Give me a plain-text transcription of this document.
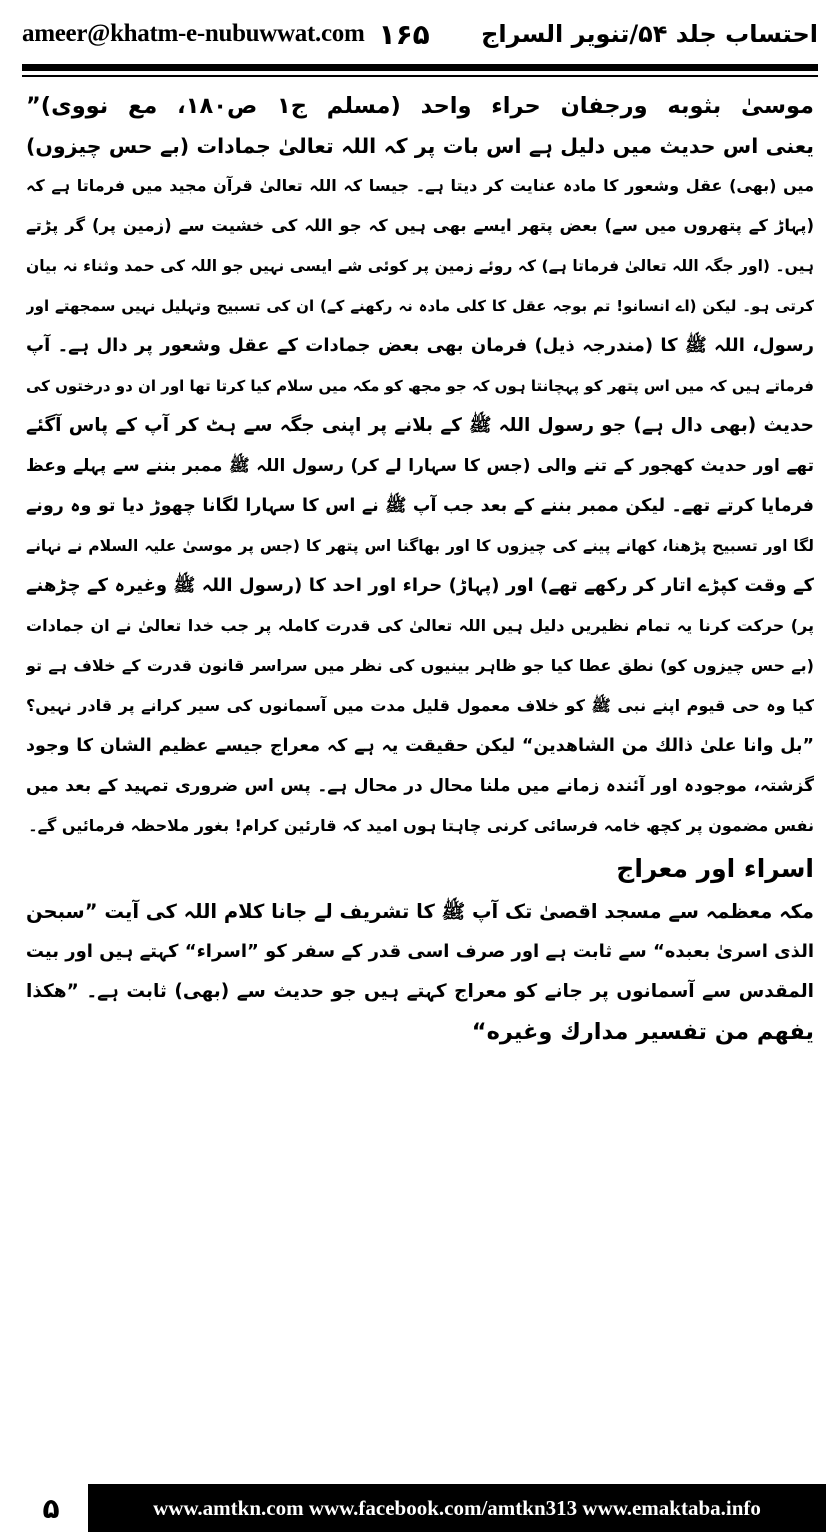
ameer@khatm-e-nubuwwat.com ۱۶۵ احتساب جلد ۵۴/تنویر السراج
موسیٰ بثوبه ورجفان حراء واحد (مسلم ج۱ ص۱۸۰، مع نووی)”
یعنی اس حدیث میں دلیل ہے اس بات پر کہ اللہ تعالیٰ جمادات (بے حس چیزوں)
میں (بھی) عقل وشعور کا مادہ عنایت کر دیتا ہے۔ جیسا کہ اللہ تعالیٰ قرآن مجید میں فرماتا ہے کہ
(پہاڑ کے پتھروں میں سے) بعض پتھر ایسے بھی ہیں کہ جو اللہ کی خشیت سے (زمین پر) گر پڑتے
ہیں۔ (اور جگہ اللہ تعالیٰ فرماتا ہے) کہ روئے زمین پر کوئی شے ایسی نہیں جو اللہ کی حمد وثناء نہ بیان
کرتی ہو۔ لیکن (اے انسانو! تم بوجہ عقل کا کلی مادہ نہ رکھنے کے) ان کی تسبیح وتہلیل نہیں سمجھتے اور
رسول، اللہ ﷺ کا (مندرجہ ذیل) فرمان بھی بعض جمادات کے عقل وشعور پر دال ہے۔ آپ
فرماتے ہیں کہ میں اس پتھر کو پہچانتا ہوں کہ جو مجھ کو مکہ میں سلام کیا کرتا تھا اور ان دو درختوں کی
حدیث (بھی دال ہے) جو رسول اللہ ﷺ کے بلانے پر اپنی جگہ سے ہٹ کر آپ کے پاس آگئے
تھے اور حدیث کھجور کے تنے والی (جس کا سہارا لے کر) رسول اللہ ﷺ ممبر بننے سے پہلے وعظ
فرمایا کرتے تھے۔ لیکن ممبر بننے کے بعد جب آپ ﷺ نے اس کا سہارا لگانا چھوڑ دیا تو وہ رونے
لگا اور تسبیح پڑھنا، کھانے پینے کی چیزوں کا اور بھاگنا اس پتھر کا (جس پر موسیٰ علیہ السلام نے نہانے
کے وقت کپڑے اتار کر رکھے تھے) اور (پہاڑ) حراء اور احد کا (رسول اللہ ﷺ وغیرہ کے چڑھنے
پر) حرکت کرنا یہ تمام نظیریں دلیل ہیں اللہ تعالیٰ کی قدرت کاملہ پر جب خدا تعالیٰ نے ان جمادات
(بے حس چیزوں کو) نطق عطا کیا جو ظاہر بینیوں کی نظر میں سراسر قانون قدرت کے خلاف ہے تو
کیا وہ حی قیوم اپنے نبی ﷺ کو خلاف معمول قلیل مدت میں آسمانوں کی سیر کرانے پر قادر نہیں؟
”بل وانا علیٰ ذالك من الشاهدین“ لیکن حقیقت یہ ہے کہ معراج جیسے عظیم الشان کا وجود
گزشتہ، موجودہ اور آئندہ زمانے میں ملنا محال در محال ہے۔ پس اس ضروری تمہید کے بعد میں
نفس مضمون پر کچھ خامہ فرسائی کرنی چاہتا ہوں امید کہ قارئین کرام! بغور ملاحظہ فرمائیں گے۔
اسراء اور معراج
مکہ معظمہ سے مسجد اقصیٰ تک آپ ﷺ کا تشریف لے جانا کلام اللہ کی آیت ”سبحن
الذی اسریٰ بعبده“ سے ثابت ہے اور صرف اسی قدر کے سفر کو ”اسراء“ کہتے ہیں اور بیت
المقدس سے آسمانوں پر جانے کو معراج کہتے ہیں جو حدیث سے (بھی) ثابت ہے۔ ”هكذا
یفهم من تفسیر مدارك وغیره“
۵	www.amtkn.com www.facebook.com/amtkn313 www.emaktaba.info
